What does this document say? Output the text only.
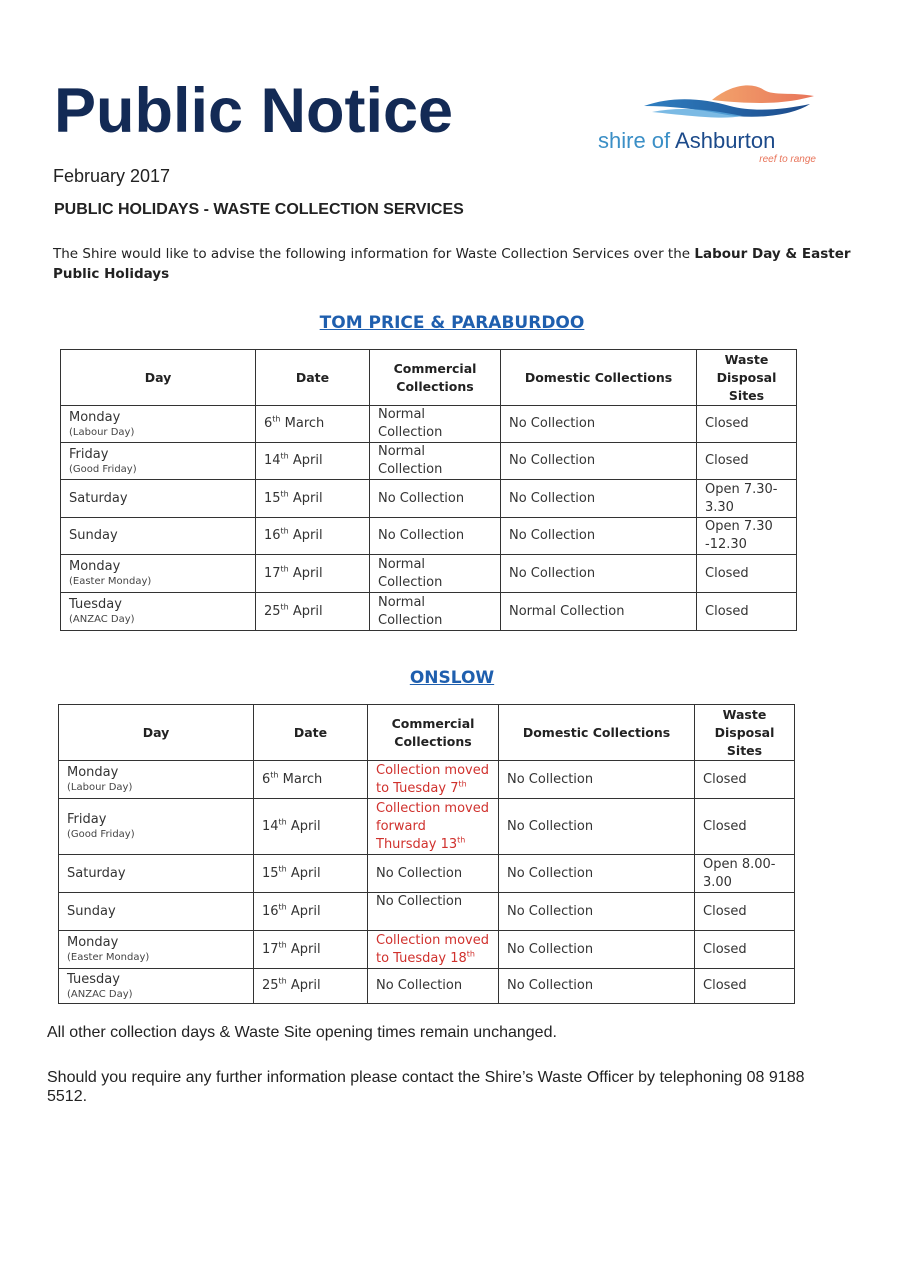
Public Notice	shire of Ashburton
reef to range
February 2017
PUBLIC HOLIDAYS - WASTE COLLECTION SERVICES
The Shire would like to advise the following information for Waste Collection Services over the Labour Day & Easter Public Holidays
TOM PRICE & PARABURDOO
Day	Date	Commercial Collections	Domestic Collections	Waste Disposal Sites

Monday
(Labour Day)	6th March	Normal Collection	No Collection	Closed

Friday
(Good Friday)	14th April	Normal Collection	No Collection	Closed

Saturday	15th April	No Collection	No Collection	Open 7.30-3.30

Sunday	16th April	No Collection	No Collection	Open 7.30 -12.30

Monday
(Easter Monday)	17th April	Normal Collection	No Collection	Closed

Tuesday
(ANZAC Day)	25th April	Normal Collection	Normal Collection	Closed
ONSLOW
Day	Date	Commercial Collections	Domestic Collections	Waste Disposal Sites

Monday
(Labour Day)	6th March	Collection moved to Tuesday 7th	No Collection	Closed

Friday
(Good Friday)	14th April	Collection moved forward Thursday 13th	No Collection	Closed

Saturday	15th April	No Collection	No Collection	Open 8.00-3.00

Sunday	16th April	No Collection	No Collection	Closed

Monday
(Easter Monday)	17th April	Collection moved to Tuesday 18th	No Collection	Closed

Tuesday
(ANZAC Day)	25th April	No Collection	No Collection	Closed
All other collection days & Waste Site opening times remain unchanged.
Should you require any further information please contact the Shire’s Waste Officer by telephoning 08 9188 5512.
